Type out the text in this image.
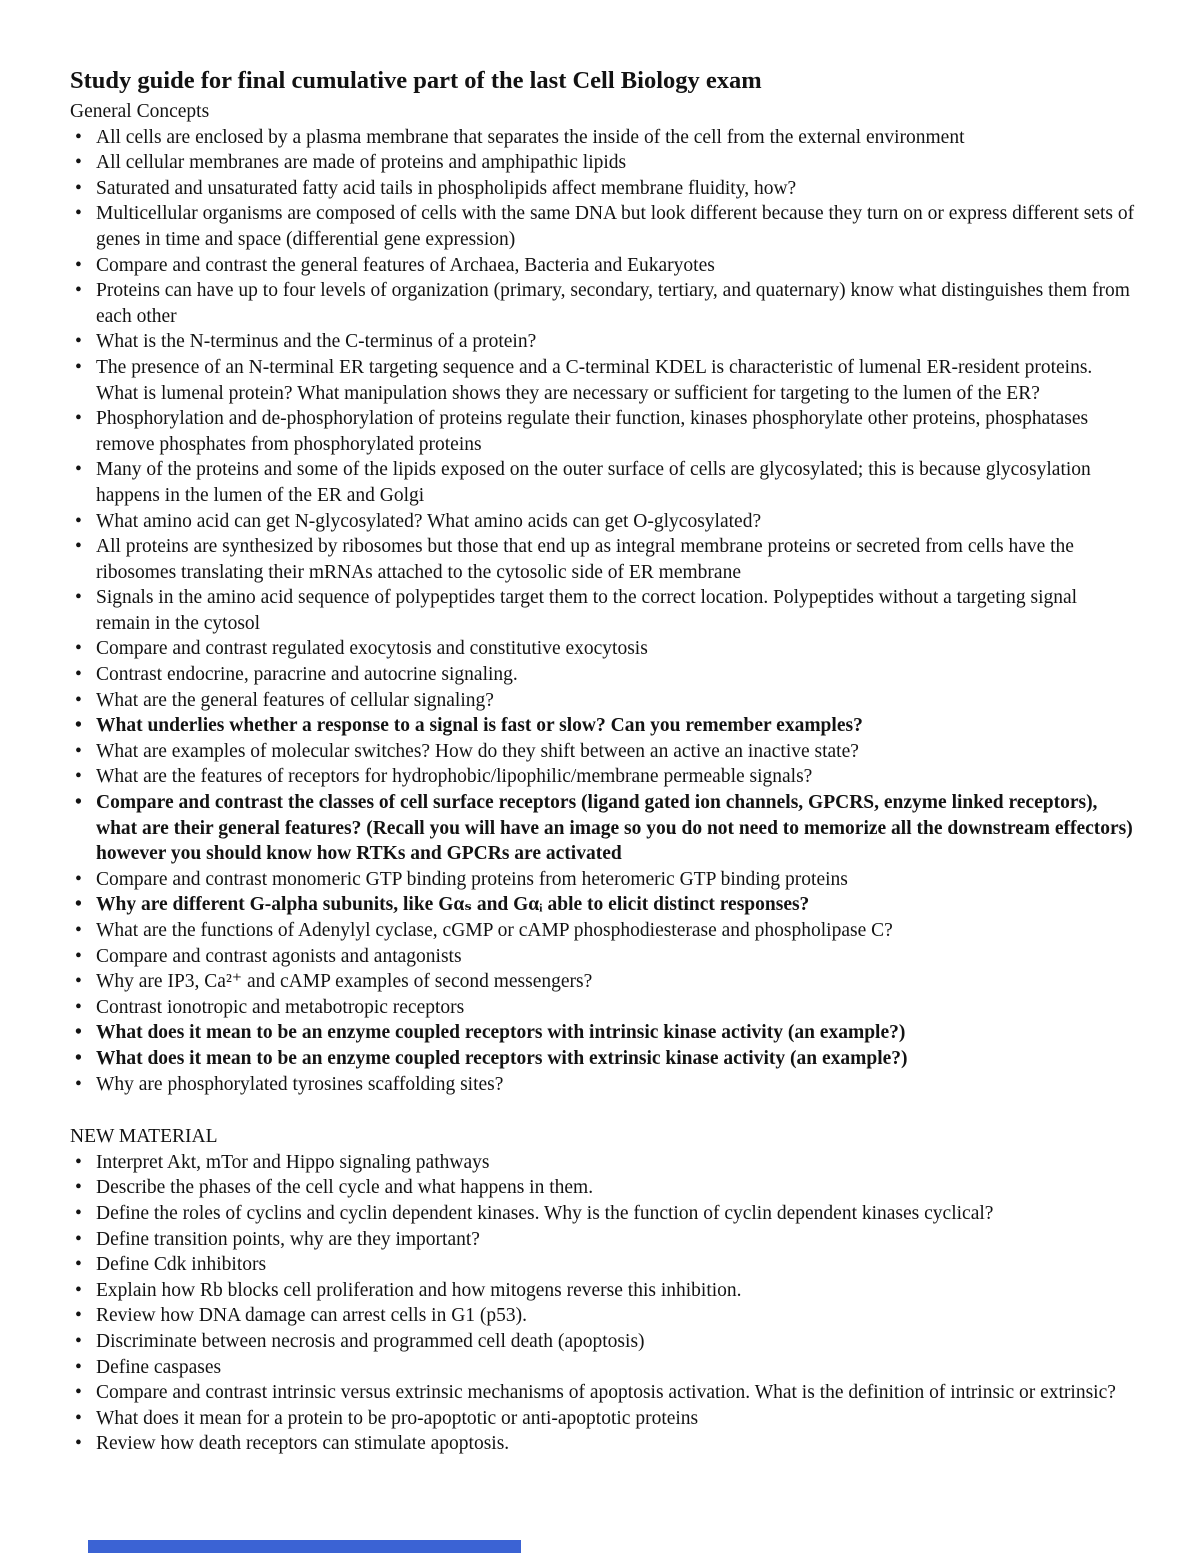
Study guide for final cumulative part of the last Cell Biology exam
General Concepts
• All cells are enclosed by a plasma membrane that separates the inside of the cell from the external environment
• All cellular membranes are made of proteins and amphipathic lipids
• Saturated and unsaturated fatty acid tails in phospholipids affect membrane fluidity, how?
• Multicellular organisms are composed of cells with the same DNA but look different because they turn on or express different sets of genes in time and space (differential gene expression)
• Compare and contrast the general features of Archaea, Bacteria and Eukaryotes
• Proteins can have up to four levels of organization (primary, secondary, tertiary, and quaternary) know what distinguishes them from each other
• What is the N-terminus and the C-terminus of a protein?
• The presence of an N-terminal ER targeting sequence and a C-terminal KDEL is characteristic of lumenal ER-resident proteins. What is lumenal protein? What manipulation shows they are necessary or sufficient for targeting to the lumen of the ER?
• Phosphorylation and de-phosphorylation of proteins regulate their function, kinases phosphorylate other proteins, phosphatases remove phosphates from phosphorylated proteins
• Many of the proteins and some of the lipids exposed on the outer surface of cells are glycosylated; this is because glycosylation happens in the lumen of the ER and Golgi
• What amino acid can get N-glycosylated? What amino acids can get O-glycosylated?
• All proteins are synthesized by ribosomes but those that end up as integral membrane proteins or secreted from cells have the ribosomes translating their mRNAs attached to the cytosolic side of ER membrane
• Signals in the amino acid sequence of polypeptides target them to the correct location. Polypeptides without a targeting signal remain in the cytosol
• Compare and contrast regulated exocytosis and constitutive exocytosis
• Contrast endocrine, paracrine and autocrine signaling.
• What are the general features of cellular signaling?
• What underlies whether a response to a signal is fast or slow? Can you remember examples?
• What are examples of molecular switches? How do they shift between an active an inactive state?
• What are the features of receptors for hydrophobic/lipophilic/membrane permeable signals?
• Compare and contrast the classes of cell surface receptors (ligand gated ion channels, GPCRS, enzyme linked receptors), what are their general features? (Recall you will have an image so you do not need to memorize all the downstream effectors) however you should know how RTKs and GPCRs are activated
• Compare and contrast monomeric GTP binding proteins from heteromeric GTP binding proteins
• Why are different G-alpha subunits, like Gαₛ and Gαᵢ able to elicit distinct responses?
• What are the functions of Adenylyl cyclase, cGMP or cAMP phosphodiesterase and phospholipase C?
• Compare and contrast agonists and antagonists
• Why are IP3, Ca²⁺ and cAMP examples of second messengers?
• Contrast ionotropic and metabotropic receptors
• What does it mean to be an enzyme coupled receptors with intrinsic kinase activity (an example?)
• What does it mean to be an enzyme coupled receptors with extrinsic kinase activity (an example?)
• Why are phosphorylated tyrosines scaffolding sites?
NEW MATERIAL
• Interpret Akt, mTor and Hippo signaling pathways
• Describe the phases of the cell cycle and what happens in them.
• Define the roles of cyclins and cyclin dependent kinases. Why is the function of cyclin dependent kinases cyclical?
• Define transition points, why are they important?
• Define Cdk inhibitors
• Explain how Rb blocks cell proliferation and how mitogens reverse this inhibition.
• Review how DNA damage can arrest cells in G1 (p53).
• Discriminate between necrosis and programmed cell death (apoptosis)
• Define caspases
• Compare and contrast intrinsic versus extrinsic mechanisms of apoptosis activation. What is the definition of intrinsic or extrinsic?
• What does it mean for a protein to be pro-apoptotic or anti-apoptotic proteins
• Review how death receptors can stimulate apoptosis.
